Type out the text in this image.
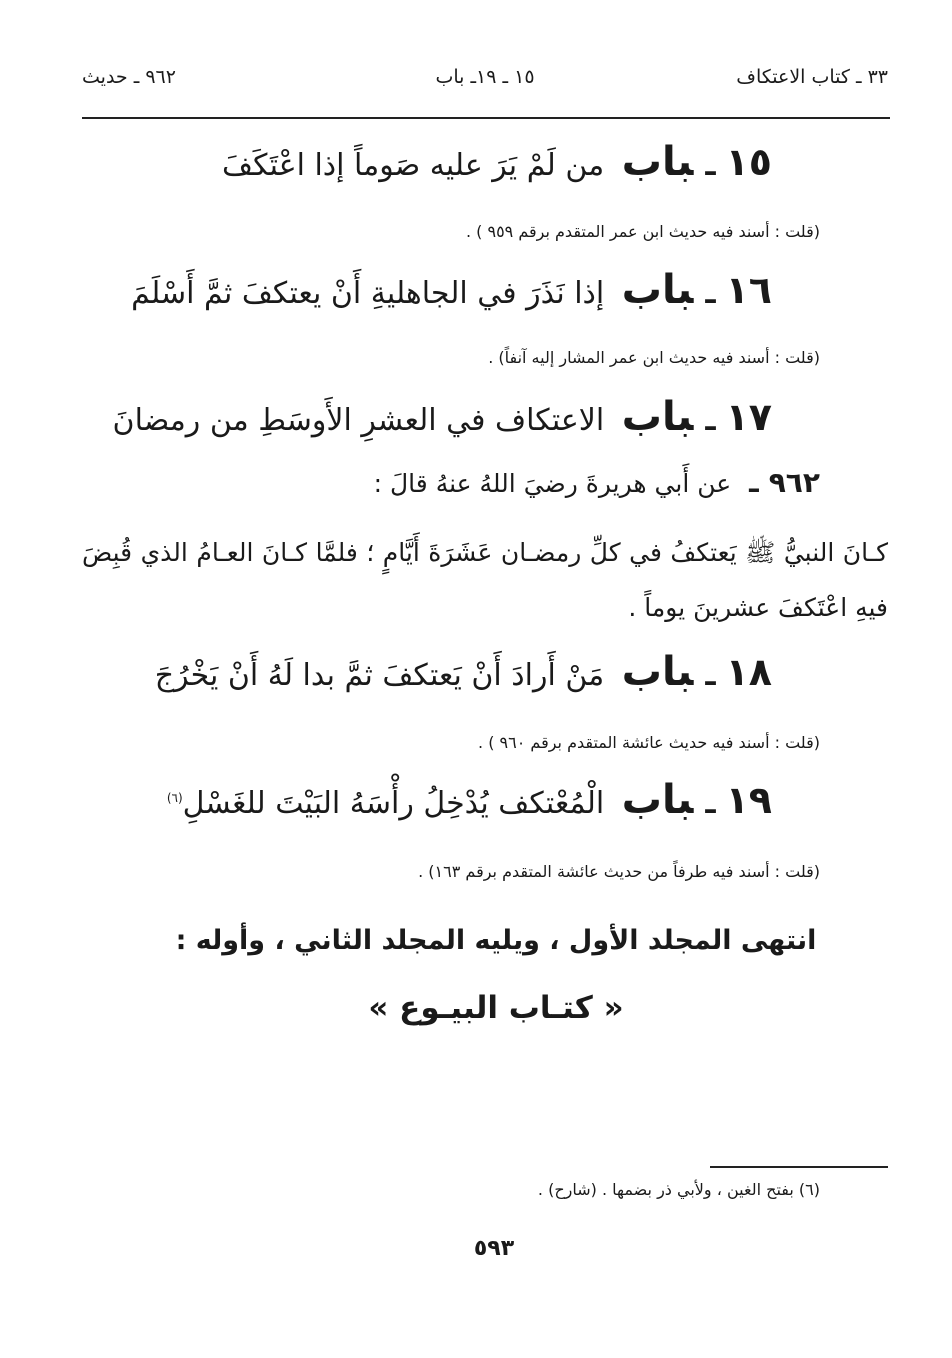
٣٣ ـ كتاب الاعتكاف
١٥ ـ ١٩ـ باب
٩٦٢ ـ حديث
١٥ـباب من لَمْ يَرَ عليه صَوماً إذا اعْتَكَفَ
(قلت : أسند فيه حديث ابن عمر المتقدم برقم ٩٥٩ ) .
١٦ـباب إذا نَذَرَ في الجاهليةِ أَنْ يعتكفَ ثمَّ أَسْلَمَ
(قلت : أسند فيه حديث ابن عمر المشار إليه آنفاً) .
١٧ـباب الاعتكاف في العشرِ الأَوسَطِ من رمضانَ
٩٦٢ـ عن أَبي هريرةَ رضيَ اللهُ عنهُ قالَ :
كـانَ النبيُّ ﷺ يَعتكفُ في كلِّ رمضـان عَشَرَةَ أَيَّامٍ ؛ فلمَّا كـانَ العـامُ الذي قُبِضَ فيهِ اعْتَكفَ عشرينَ يوماً .
١٨ـباب مَنْ أَرادَ أَنْ يَعتكفَ ثمَّ بدا لَهُ أَنْ يَخْرُجَ
(قلت : أسند فيه حديث عائشة المتقدم برقم ٩٦٠ ) .
١٩ـباب الْمُعْتكف يُدْخِلُ رأْسَهُ البَيْتَ للغَسْلِ$^{(٦)}$
(قلت : أسند فيه طرفاً من حديث عائشة المتقدم برقم ١٦٣) .
انتهى المجلد الأول ، ويليه المجلد الثاني ، وأوله :
« كتـاب البيـوع »
(٦) بفتح الغين ، ولأبي ذر بضمها . (شارح) .
٥٩٣
